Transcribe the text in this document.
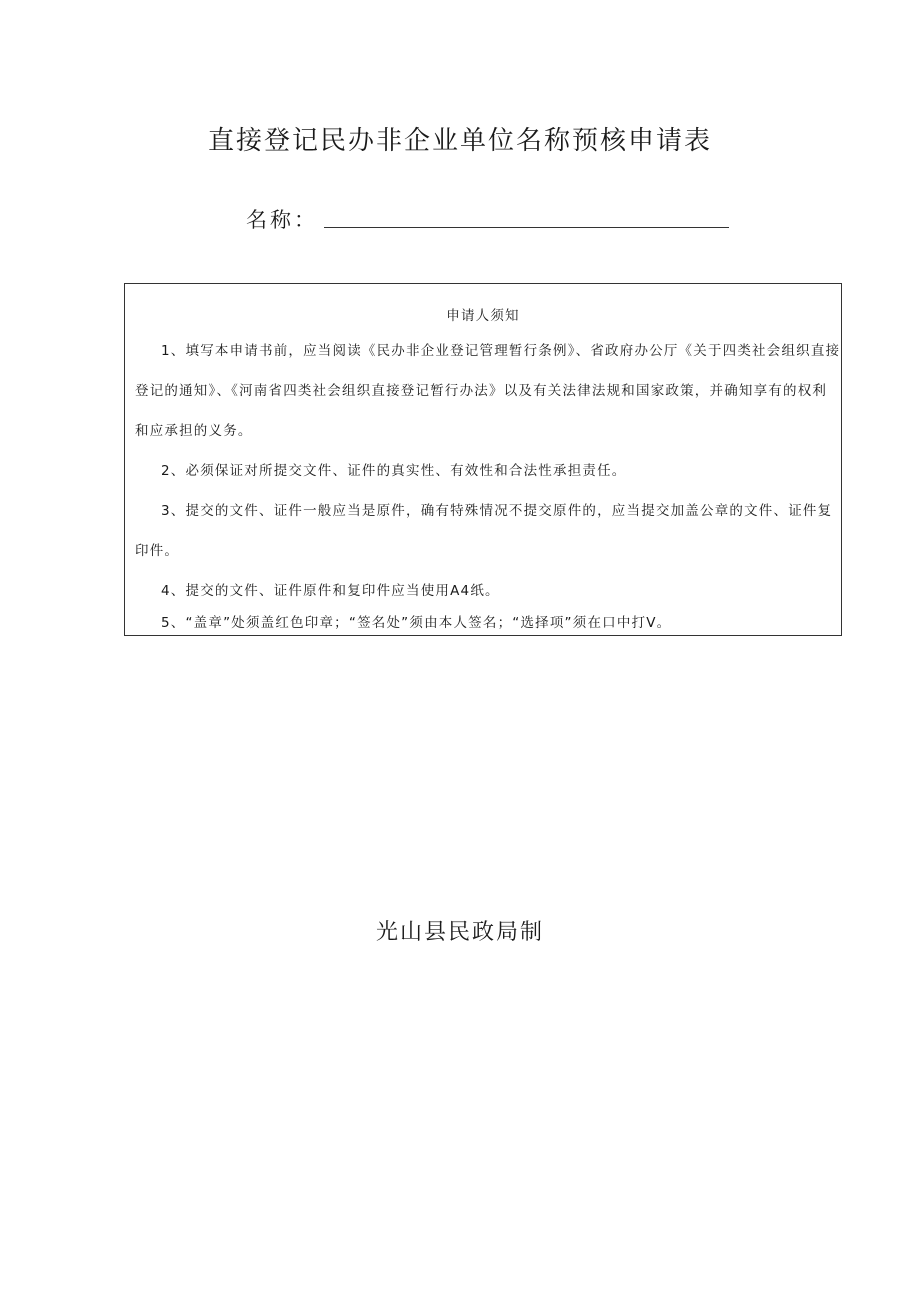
直接登记民办非企业单位名称预核申请表
名称：
申请人须知
1、填写本申请书前，应当阅读《民办非企业登记管理暂行条例》、省政府办公厅《关于四类社会组织直接登记的通知》、《河南省四类社会组织直接登记暂行办法》以及有关法律法规和国家政策，并确知享有的权利和应承担的义务。
2、必须保证对所提交文件、证件的真实性、有效性和合法性承担责任。
3、提交的文件、证件一般应当是原件，确有特殊情况不提交原件的，应当提交加盖公章的文件、证件复印件。
4、提交的文件、证件原件和复印件应当使用A4纸。
5、“盖章”处须盖红色印章；“签名处”须由本人签名；“选择项”须在口中打V。
光山县民政局制
